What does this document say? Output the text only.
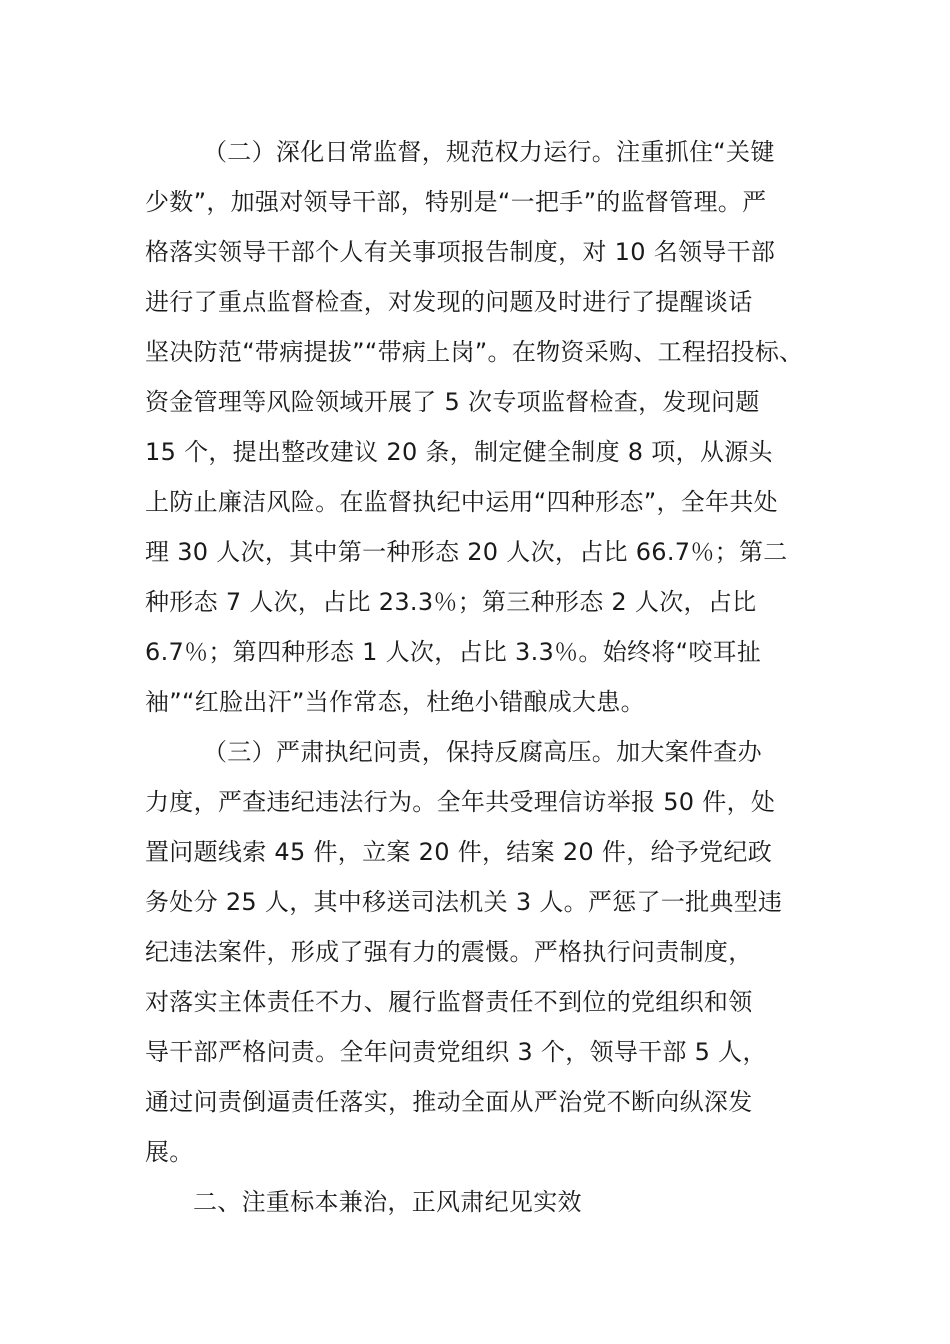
（二）深化日常监督，规范权力运行。注重抓住“关键
少数”，加强对领导干部，特别是“一把手”的监督管理。严
格落实领导干部个人有关事项报告制度，对 10 名领导干部
进行了重点监督检查，对发现的问题及时进行了提醒谈话
坚决防范“带病提拔”“带病上岗”。在物资采购、工程招投标、
资金管理等风险领域开展了 5 次专项监督检查，发现问题
15 个，提出整改建议 20 条，制定健全制度 8 项，从源头
上防止廉洁风险。在监督执纪中运用“四种形态”，全年共处
理 30 人次，其中第一种形态 20 人次，占比 66.7％；第二
种形态 7 人次，占比 23.3％；第三种形态 2 人次，占比
6.7％；第四种形态 1 人次，占比 3.3％。始终将“咬耳扯
袖”“红脸出汗”当作常态，杜绝小错酿成大患。
（三）严肃执纪问责，保持反腐高压。加大案件查办
力度，严查违纪违法行为。全年共受理信访举报 50 件，处
置问题线索 45 件，立案 20 件，结案 20 件，给予党纪政
务处分 25 人，其中移送司法机关 3 人。严惩了一批典型违
纪违法案件，形成了强有力的震慑。严格执行问责制度，
对落实主体责任不力、履行监督责任不到位的党组织和领
导干部严格问责。全年问责党组织 3 个，领导干部 5 人，
通过问责倒逼责任落实，推动全面从严治党不断向纵深发
展。
二、注重标本兼治，正风肃纪见实效
